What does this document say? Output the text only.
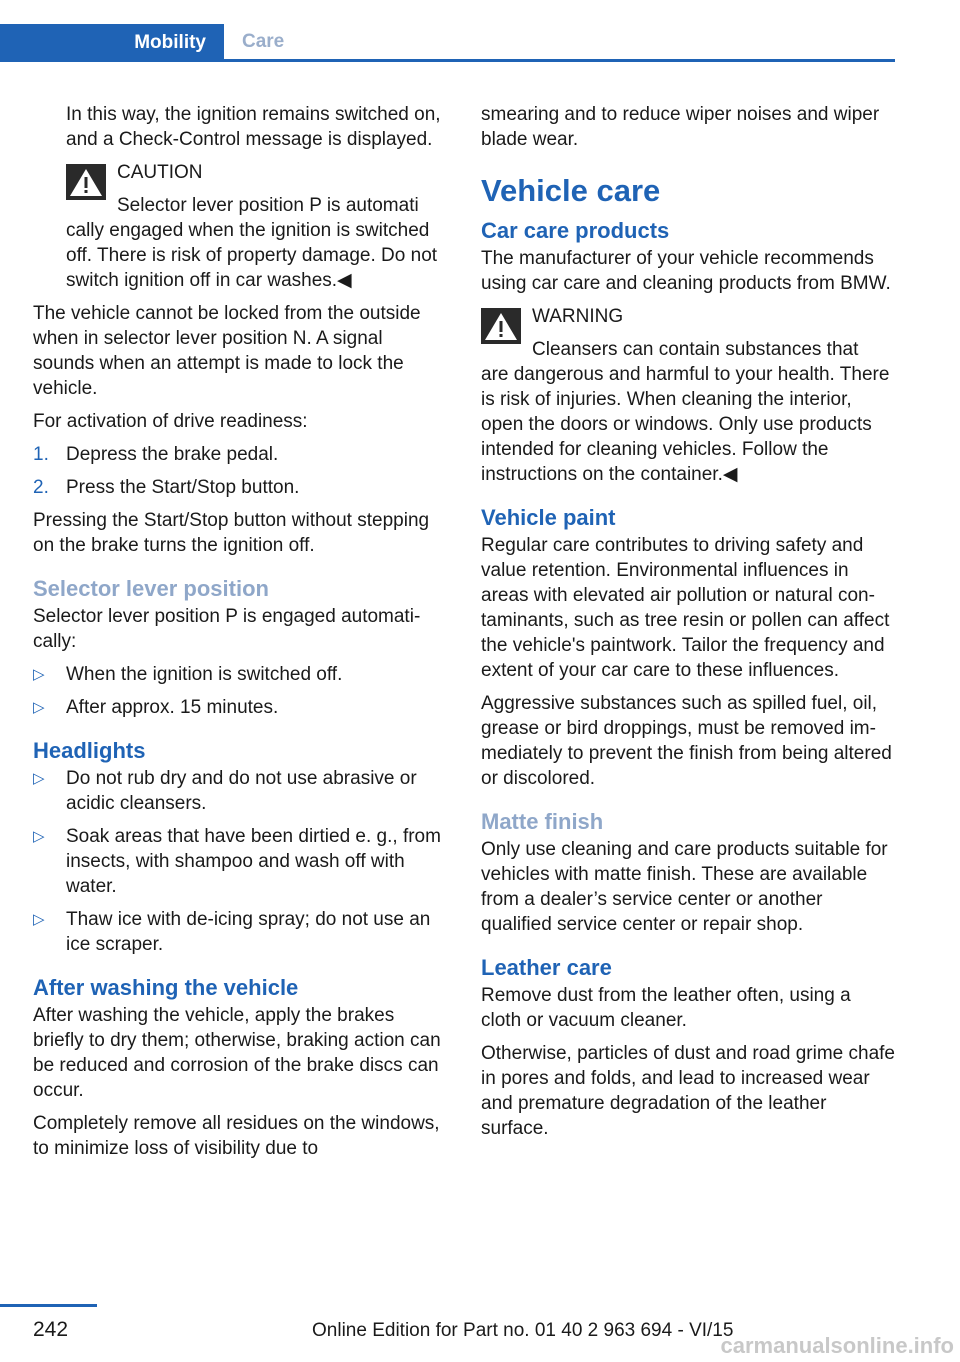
Mobility	Care

In this way, the ignition remains switched on, and a Check-Control message is displayed.

CAUTION
Selector lever position P is automati
cally engaged when the ignition is switched off. There is risk of property damage. Do not switch ignition off in car washes.◀

The vehicle cannot be locked from the outside when in selector lever position N. A signal sounds when an attempt is made to lock the vehicle.

For activation of drive readiness:

1. Depress the brake pedal.
2. Press the Start/Stop button.

Pressing the Start/Stop button without stepping on the brake turns the ignition off.

Selector lever position

Selector lever position P is engaged automatically:

▷ When the ignition is switched off.
▷ After approx. 15 minutes.
Headlights
▷ Do not rub dry and do not use abrasive or acidic cleansers.
▷ Soak areas that have been dirtied e. g., from insects, with shampoo and wash off with water.
▷ Thaw ice with de-icing spray; do not use an ice scraper.
After washing the vehicle

After washing the vehicle, apply the brakes briefly to dry them; otherwise, braking action can be reduced and corrosion of the brake discs can occur.

Completely remove all residues on the windows, to minimize loss of visibility due to

smearing and to reduce wiper noises and wiper blade wear.

Vehicle care
Car care products

The manufacturer of your vehicle recommends using car care and cleaning products from BMW.

WARNING
Cleansers can contain substances that
are dangerous and harmful to your health. There is risk of injuries. When cleaning the interior, open the doors or windows. Only use products intended for cleaning vehicles. Follow the instructions on the container.◀
Vehicle paint

Regular care contributes to driving safety and value retention. Environmental influences in areas with elevated air pollution or natural contaminants, such as tree resin or pollen can affect the vehicle's paintwork. Tailor the frequency and extent of your car care to these influences.

Aggressive substances such as spilled fuel, oil, grease or bird droppings, must be removed immediately to prevent the finish from being altered or discolored.

Matte finish

Only use cleaning and care products suitable for vehicles with matte finish. These are available from a dealer’s service center or another qualified service center or repair shop.

Leather care

Remove dust from the leather often, using a cloth or vacuum cleaner.

Otherwise, particles of dust and road grime chafe in pores and folds, and lead to increased wear and premature degradation of the leather surface.

242	Online Edition for Part no. 01 40 2 963 694 - VI/15
carmanualsonline.info
